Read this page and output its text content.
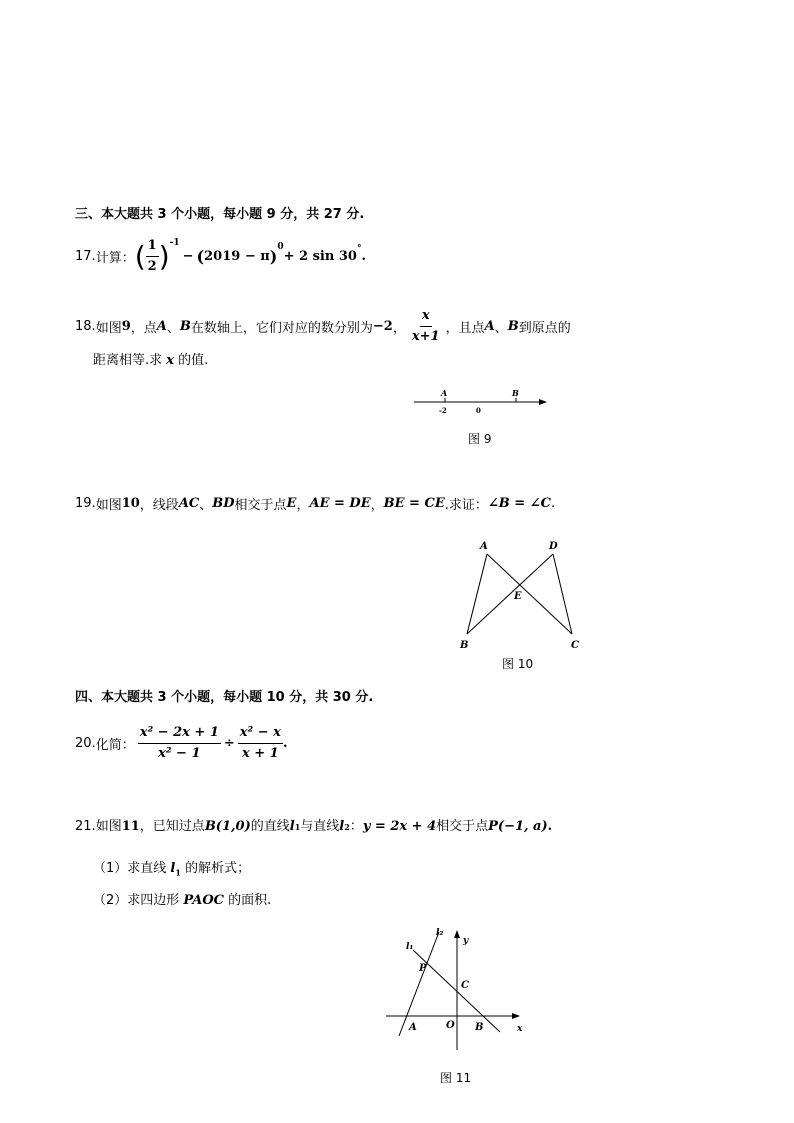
三、本大题共 3 个小题，每小题 9 分，共 27 分.
17. 计算： ( $\frac{1}{2} )^{-1}$
− ( 2019 − π )$^0$
+ 2 sin 30° .
18. 如图 9 ，点 A 、 B 在数轴上，它们对应的数分别为 −2 ， $\frac{x}{x+1}$ ，且点 A 、 B 到原点的
距离相等.求 x 的值.
A	B
-2	0
图 9
19. 如图 10 ，线段 AC 、 BD 相交于点 E ， AE = DE ， BE = CE .求证： ∠B = ∠C .
A	D
E
B	C
图 10
四、本大题共 3 个小题，每小题 10 分，共 30 分.
20. 化简： $\frac{\text{x² − 2x + 1}}{\text{x² − 1}} \div \frac{\text{x² − x}}{x + 1}$ .
21. 如图 11 ，已知过点 B(1,0) 的直线 l 1 与直线 l 2 ： y = 2x + 4 相交于点 P(−1, a) .
（1）求直线 $l_1$ 的解析式；
（2）求四边形 PAOC 的面积.
l₂
l₁
y
x
P
C
A	O B
图 11
